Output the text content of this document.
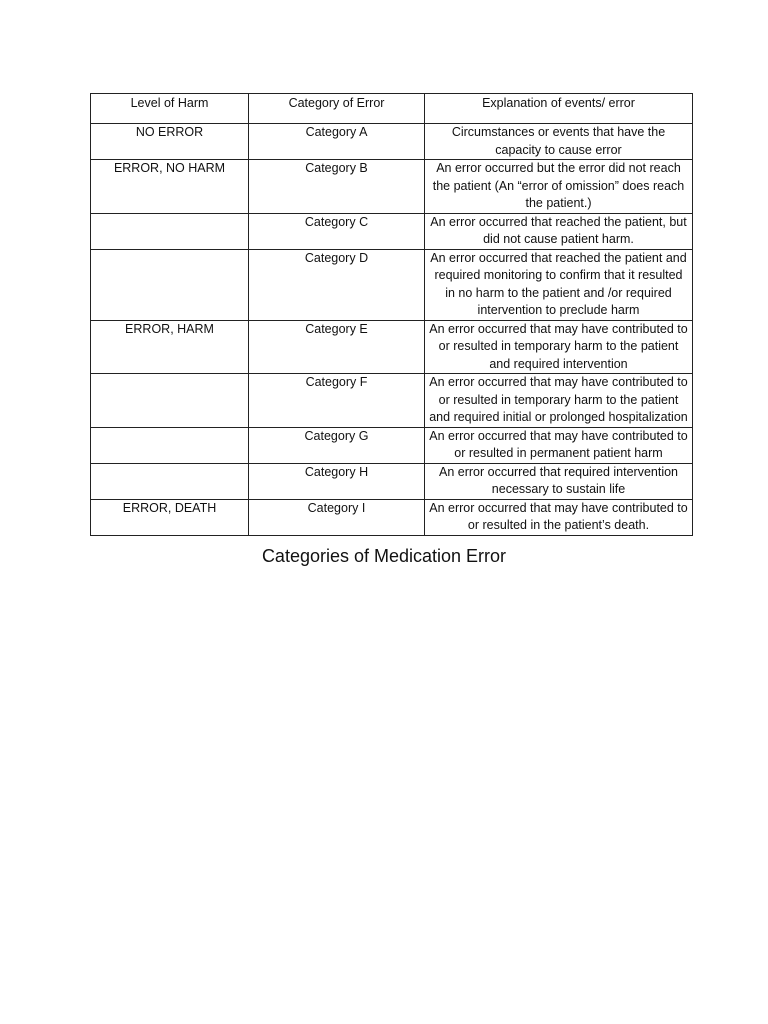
Level of Harm	Category of Error	Explanation of events/ error
NO ERROR	Category A	Circumstances or events that have the capacity to cause error
ERROR, NO HARM	Category B	An error occurred but the error did not reach the patient (An “error of omission” does reach the patient.)
	Category C	An error occurred that reached the patient, but did not cause patient harm.
	Category D	An error occurred that reached the patient and required monitoring to confirm that it resulted in no harm to the patient and /or required intervention to preclude harm
ERROR, HARM	Category E	An error occurred that may have contributed to or resulted in temporary harm to the patient and required intervention
	Category F	An error occurred that may have contributed to or resulted in temporary harm to the patient and required initial or prolonged hospitalization
	Category G	An error occurred that may have contributed to or resulted in permanent patient harm
	Category H	An error occurred that required intervention necessary to sustain life
ERROR, DEATH	Category I	An error occurred that may have contributed to or resulted in the patient’s death.
Categories of Medication Error
